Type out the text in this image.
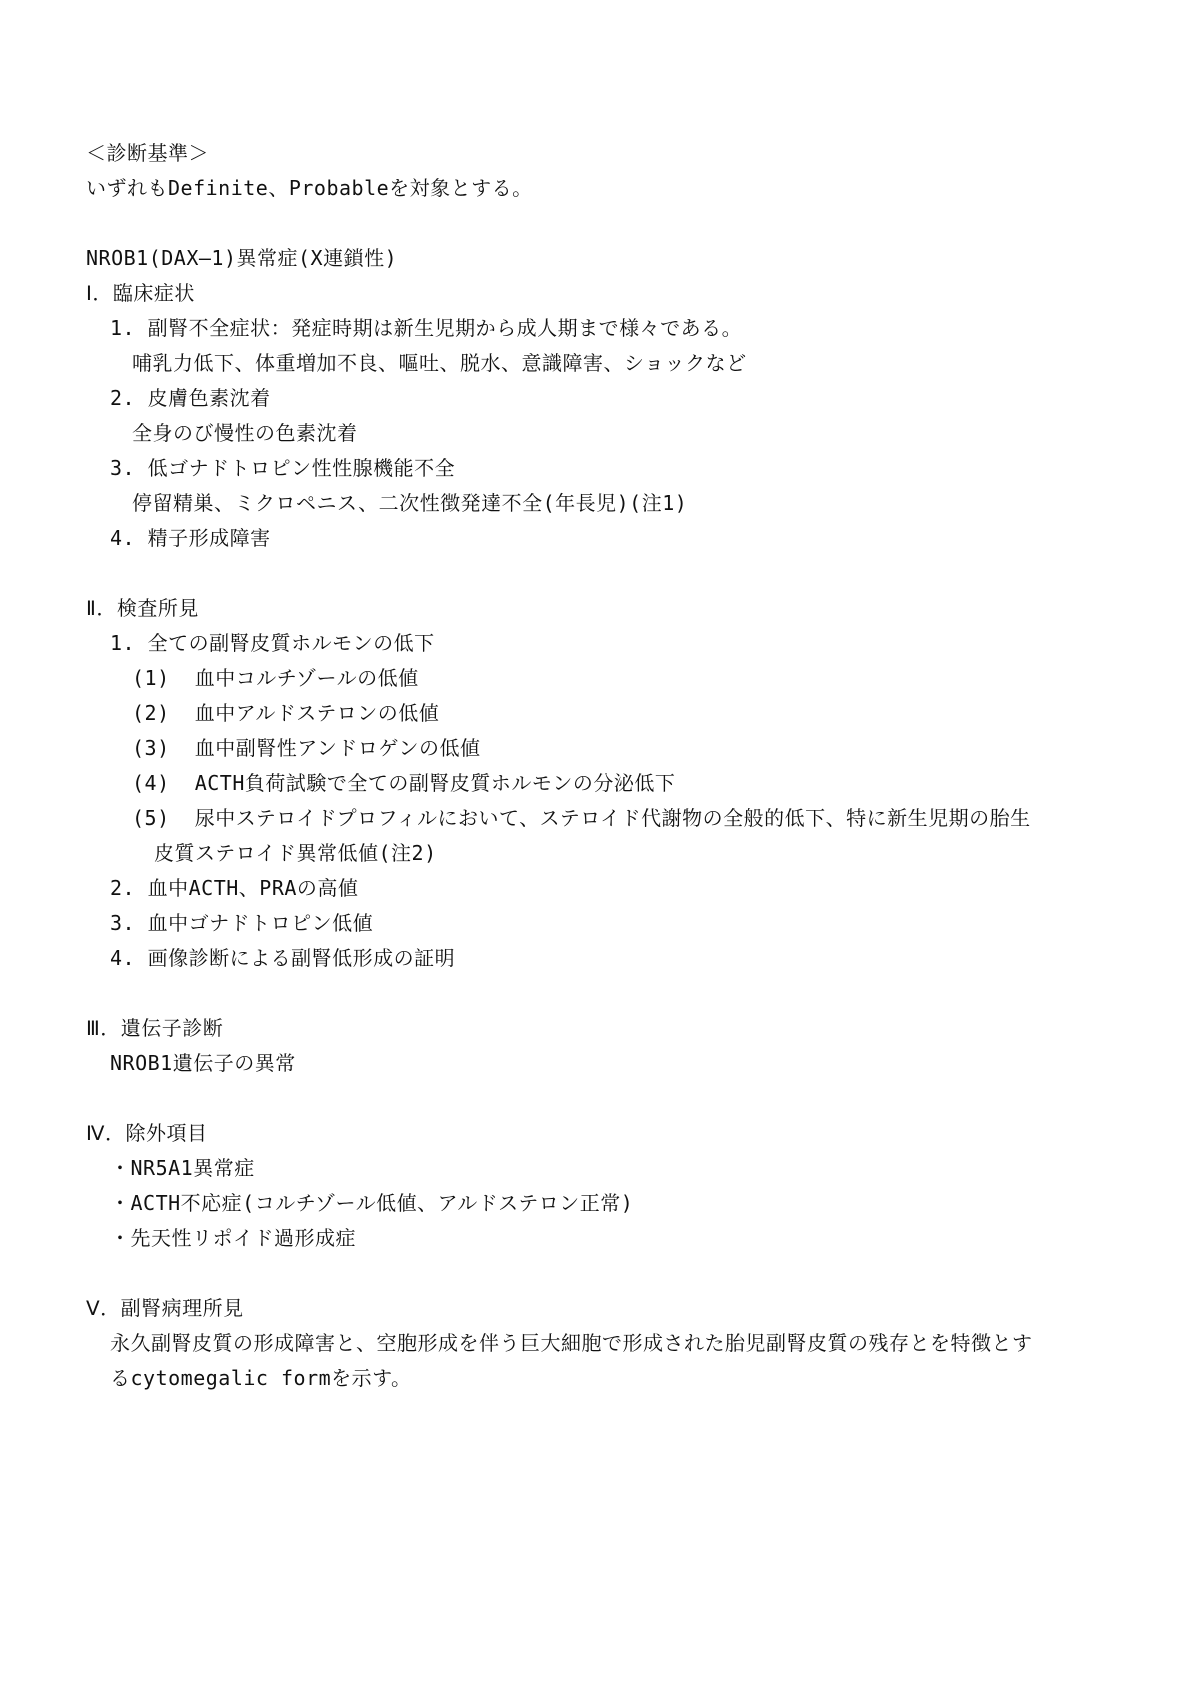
＜診断基準＞
いずれもDefinite、Probableを対象とする。
NROB1(DAX―1)異常症(X連鎖性)
Ⅰ．臨床症状
1. 副腎不全症状：発症時期は新生児期から成人期まで様々である。
哺乳力低下、体重増加不良、嘔吐、脱水、意識障害、ショックなど
2. 皮膚色素沈着
全身のび慢性の色素沈着
3. 低ゴナドトロピン性性腺機能不全
停留精巣、ミクロペニス、二次性徴発達不全(年長児)(注1)
4. 精子形成障害
Ⅱ．検査所見
1. 全ての副腎皮質ホルモンの低下
(1)  血中コルチゾールの低値
(2)  血中アルドステロンの低値
(3)  血中副腎性アンドロゲンの低値
(4)  ACTH負荷試験で全ての副腎皮質ホルモンの分泌低下
(5)  尿中ステロイドプロフィルにおいて、ステロイド代謝物の全般的低下、特に新生児期の胎生
皮質ステロイド異常低値(注2)
2. 血中ACTH、PRAの高値
3. 血中ゴナドトロピン低値
4. 画像診断による副腎低形成の証明
Ⅲ．遺伝子診断
NROB1遺伝子の異常
Ⅳ．除外項目
・NR5A1異常症
・ACTH不応症(コルチゾール低値、アルドステロン正常)
・先天性リポイド過形成症
Ⅴ．副腎病理所見
永久副腎皮質の形成障害と、空胞形成を伴う巨大細胞で形成された胎児副腎皮質の残存とを特徴とす
るcytomegalic formを示す。
